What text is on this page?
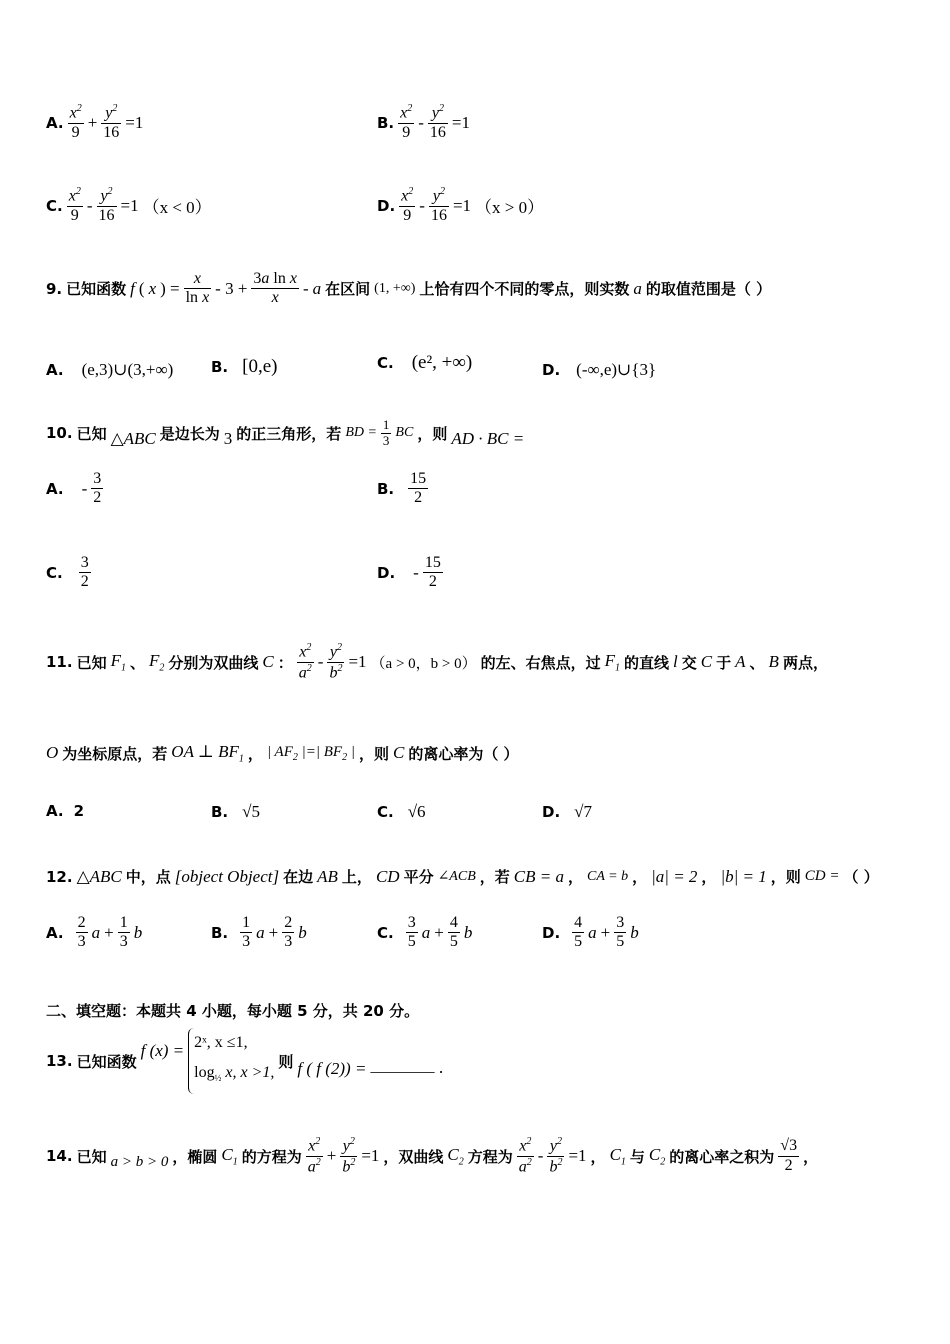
A. $\frac{x^2}{9} + \frac{y^2}{16} =1$	B. $\frac{x^2}{9} - \frac{y^2}{16} =1$
C. $\frac{x^2}{9} - \frac{y^2}{16} =1$ （x < 0）	D. $\frac{x^2}{9} - \frac{y^2}{16} =1$ （x > 0）
9. 已知函数 f ( x ) = $\frac{x}{\text{ln x}} - 3 + \frac{\text{3a ln x}}{x} - a$ 在区间 (1, +∞) 上恰有四个不同的零点，则实数 a 的取值范围是（ ）
A. (e,3)∪(3,+∞)	B. [0,e)	C. (e², +∞)	D. (-∞,e)∪{3}
10. 已知 △ABC 是边长为 3 的正三角形，若 BD = $\frac{1}{3}$ BC ，则 AD · BC =
A. - $\frac{3}{2}$	B. $\frac{15}{2}$
C. $\frac{3}{2}$	D. - $\frac{15}{2}$
11. 已知 $F_1$ 、 $F_2$ 分别为双曲线 C ： $\frac{x^2}{a^2} - \frac{y^2}{b^2} =1$ （a > 0，b > 0） 的左、右焦点，过 $F_1$ 的直线 l 交 C 于 A 、 B 两点，
O 为坐标原点，若 OA ⊥ $BF_1$ ， | $AF_2$ |=| $BF_2$ | ，则 C 的离心率为（ ）
A. 2	B. √5	C. √6	D. √7
12. △ABC 中，点 [object Object] 在边 AB 上， CD 平分 ∠ACB ，若 CB = a ， CA = b ， |a| = 2 ， |b| = 1 ，则 CD = （ ）
A. $\frac{2}{3}$ $a + \frac{1}{3}$ b	B. $\frac{1}{3}$ $a + \frac{2}{3}$ b	C. $\frac{3}{5}$ $a + \frac{4}{5}$ b	D. $\frac{4}{5}$ $a + \frac{3}{5}$ b
二、填空题：本题共 4 小题，每小题 5 分，共 20 分。
13. 已知函数
f (x) = 2ˣ, x ≤1,
$\log_{\frac{1}{2}} x$, x >1,
则 f ( f (2)) = ________ .
14. 已知 a > b > 0 ，椭圆 $C_1$ 的方程为 $\frac{x^2}{a^2} + \frac{y^2}{b^2} =1$ ，双曲线 $C_2$ 方程为 $\frac{x^2}{a^2} - \frac{y^2}{b^2} =1$ ， $C_1$ 与 $C_2$ 的离心率之积为 $\frac{√3}{2}$ ，
